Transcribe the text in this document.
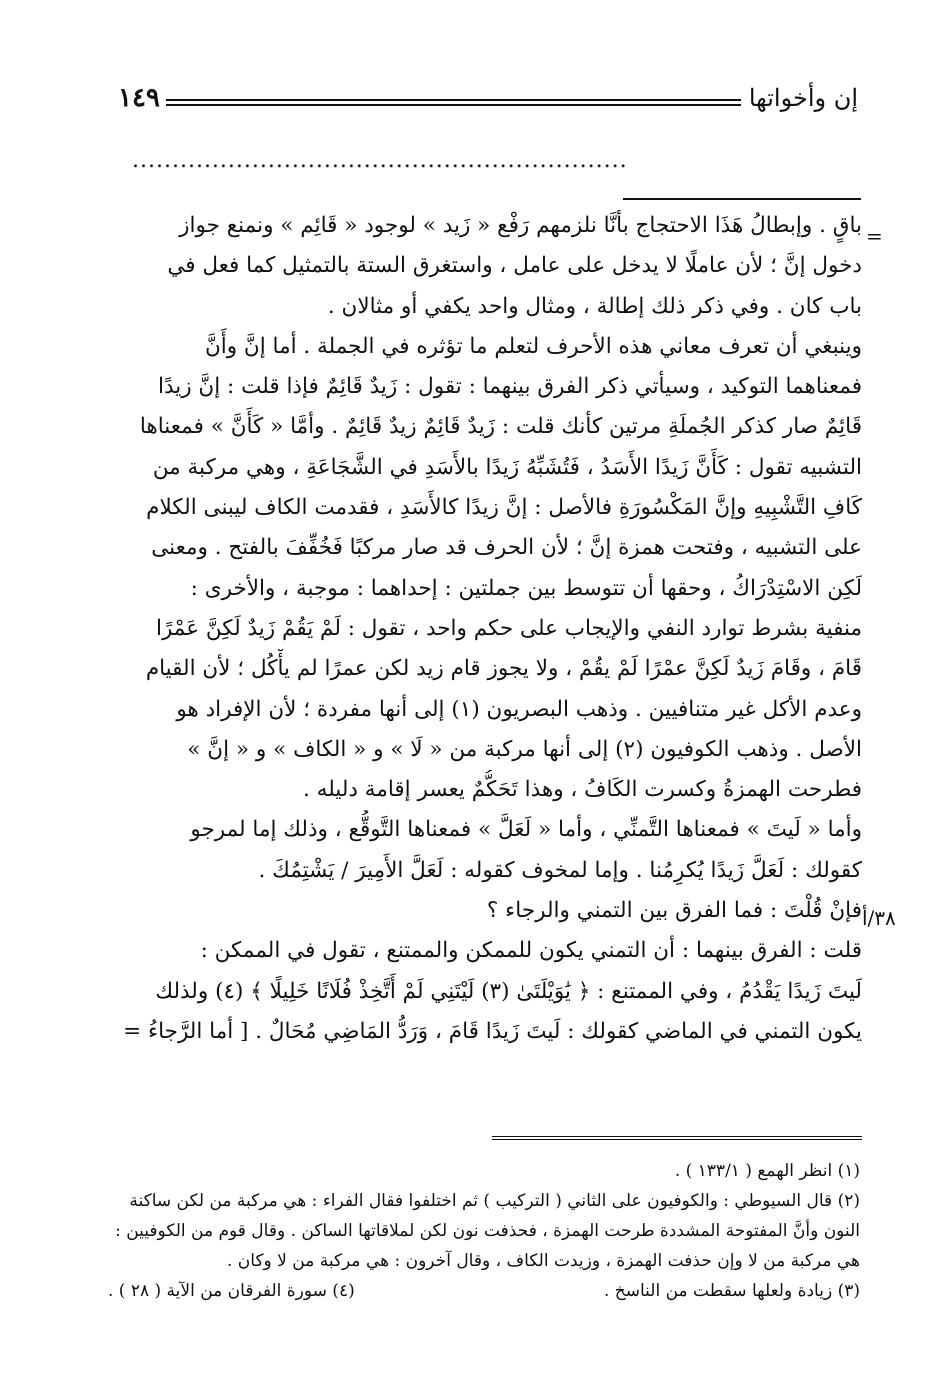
إن وأخواتها
١٤٩
..............................................................
=
٣٨/أ
باقٍ . وإبطالُ هَذَا الاحتجاج بأنَّا نلزمهم رَفْع « زَيد » لوجود « قَائِم » ونمنع جواز
دخول إنَّ ؛ لأن عاملًا لا يدخل على عامل ، واستغرق الستة بالتمثيل كما فعل في
باب كان . وفي ذكر ذلك إطالة ، ومثال واحد يكفي أو مثالان .
وينبغي أن تعرف معاني هذه الأحرف لتعلم ما تؤثره في الجملة . أما إنَّ وأَنَّ
فمعناهما التوكيد ، وسيأتي ذكر الفرق بينهما : تقول : زَيدٌ قَائِمٌ فإذا قلت : إنَّ زيدًا
قَائِمٌ صار كذكر الجُملَةِ مرتين كأنك قلت : زَيدٌ قَائِمٌ زيدٌ قَائِمٌ . وأمَّا « كَأَنَّ » فمعناها
التشبيه تقول : كَأَنَّ زَيدًا الأَسَدُ ، فَتُشَبِّهُ زَيدًا بالأَسَدِ في الشَّجَاعَةِ ، وهي مركبة من
كَافِ التَّشْبِيهِ وإنَّ المَكْسُورَةِ فالأصل : إنَّ زيدًا كالأَسَدِ ، فقدمت الكاف ليبنى الكلام
على التشبيه ، وفتحت همزة إنَّ ؛ لأن الحرف قد صار مركبًا فَخُفِّفَ بالفتح . ومعنى
لَكِن الاسْتِدْرَاكُ ، وحقها أن تتوسط بين جملتين : إحداهما : موجبة ، والأخرى :
منفية بشرط توارد النفي والإيجاب على حكم واحد ، تقول : لَمْ يَقُمْ زَيدٌ لَكِنَّ عَمْرًا
قَامَ ، وقَامَ زَيدٌ لَكِنَّ عمْرًا لَمْ يقُمْ ، ولا يجوز قام زيد لكن عمرًا لم يأْكُل ؛ لأن القيام
وعدم الأكل غير متنافيين . وذهب البصريون (١) إلى أنها مفردة ؛ لأن الإفراد هو
الأصل . وذهب الكوفيون (٢) إلى أنها مركبة من « لَا » و « الكاف » و « إنَّ »
فطرحت الهمزةُ وكسرت الكَافُ ، وهذا تَحَكُّمٌ يعسر إقامة دليله .
وأما « لَيتَ » فمعناها التَّمنِّي ، وأما « لَعَلَّ » فمعناها التَّوقُّع ، وذلك إما لمرجو
كقولك : لَعَلَّ زَيدًا يُكرِمُنا . وإما لمخوف كقوله : لَعَلَّ الأَمِيرَ / يَشْتِمُكَ .
فإنْ قُلْتَ : فما الفرق بين التمني والرجاء ؟
قلت : الفرق بينهما : أن التمني يكون للممكن والممتنع ، تقول في الممكن :
لَيتَ زَيدًا يَقْدُمُ ، وفي الممتنع : ﴿ يَٰوَيْلَتَىٰ (٣) لَيْتَنِي لَمْ أَتَّخِذْ فُلَانًا خَلِيلًا ﴾ (٤) ولذلك
يكون التمني في الماضي كقولك : لَيتَ زَيدًا قَامَ ، وَرَدُّ المَاضِي مُحَالٌ . [ أما الرَّجاءُ =
(١) انظر الهمع ( ١٣٣/١ ) .
(٢) قال السيوطي : والكوفيون على الثاني ( التركيب ) ثم اختلفوا فقال الفراء : هي مركبة من لكن ساكنة
النون وأنَّ المفتوحة المشددة طرحت الهمزة ، فحذفت نون لكن لملاقاتها الساكن . وقال قوم من الكوفيين :
هي مركبة من لا وإن حذفت الهمزة ، وزيدت الكاف ، وقال آخرون : هي مركبة من لا وكان .
(٣) زيادة ولعلها سقطت من الناسخ .
(٤) سورة الفرقان من الآية ( ٢٨ ) .
